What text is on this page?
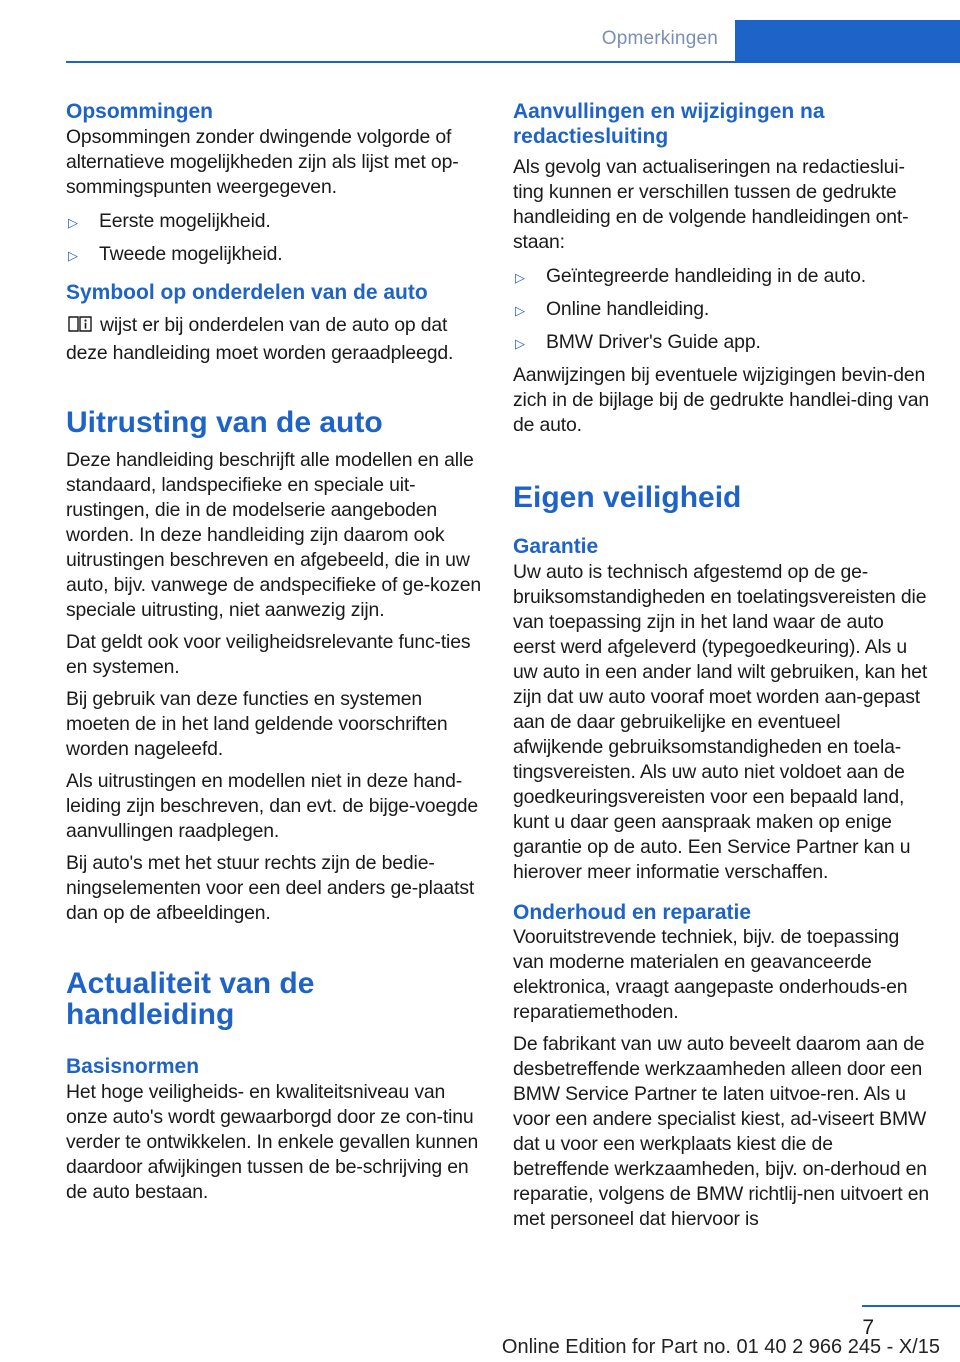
Opmerkingen
Opsommingen

Opsommingen zonder dwingende volgorde of alternatieve mogelijkheden zijn als lijst met op-sommingspunten weergegeven.

▷ Eerste mogelijkheid.
▷ Tweede mogelijkheid.
Symbool op onderdelen van de auto

wijst er bij onderdelen van de auto op dat deze handleiding moet worden geraadpleegd.

Uitrusting van de auto

Deze handleiding beschrijft alle modellen en alle standaard, landspecifieke en speciale uit-rustingen, die in de modelserie aangeboden worden. In deze handleiding zijn daarom ook uitrustingen beschreven en afgebeeld, die in uw auto, bijv. vanwege de andspecifieke of ge-kozen speciale uitrusting, niet aanwezig zijn.

Dat geldt ook voor veiligheidsrelevante func-ties en systemen.

Bij gebruik van deze functies en systemen moeten de in het land geldende voorschriften worden nageleefd.

Als uitrustingen en modellen niet in deze hand-leiding zijn beschreven, dan evt. de bijge-voegde aanvullingen raadplegen.

Bij auto's met het stuur rechts zijn de bedie-ningselementen voor een deel anders ge-plaatst dan op de afbeeldingen.

Actualiteit van de handleiding
Basisnormen

Het hoge veiligheids- en kwaliteitsniveau van onze auto's wordt gewaarborgd door ze con-tinu verder te ontwikkelen. In enkele gevallen kunnen daardoor afwijkingen tussen de be-schrijving en de auto bestaan.

Aanvullingen en wijzigingen na redactiesluiting

Als gevolg van actualiseringen na redactieslui-ting kunnen er verschillen tussen de gedrukte handleiding en de volgende handleidingen ont-staan:

▷ Geïntegreerde handleiding in de auto.
▷ Online handleiding.
▷ BMW Driver's Guide app.

Aanwijzingen bij eventuele wijzigingen bevin-den zich in de bijlage bij de gedrukte handlei-ding van de auto.

Eigen veiligheid
Garantie

Uw auto is technisch afgestemd op de ge-bruiksomstandigheden en toelatingsvereisten die van toepassing zijn in het land waar de auto eerst werd afgeleverd (typegoedkeuring). Als u uw auto in een ander land wilt gebruiken, kan het zijn dat uw auto vooraf moet worden aan-gepast aan de daar gebruikelijke en eventueel afwijkende gebruiksomstandigheden en toela-tingsvereisten. Als uw auto niet voldoet aan de goedkeuringsvereisten voor een bepaald land, kunt u daar geen aanspraak maken op enige garantie op de auto. Een Service Partner kan u hierover meer informatie verschaffen.

Onderhoud en reparatie

Vooruitstrevende techniek, bijv. de toepassing van moderne materialen en geavanceerde elektronica, vraagt aangepaste onderhouds-en reparatiemethoden.

De fabrikant van uw auto beveelt daarom aan de desbetreffende werkzaamheden alleen door een BMW Service Partner te laten uitvoe-ren. Als u voor een andere specialist kiest, ad-viseert BMW dat u voor een werkplaats kiest die de betreffende werkzaamheden, bijv. on-derhoud en reparatie, volgens de BMW richtlij-nen uitvoert en met personeel dat hiervoor is

7
Online Edition for Part no. 01 40 2 966 245 - X/15
